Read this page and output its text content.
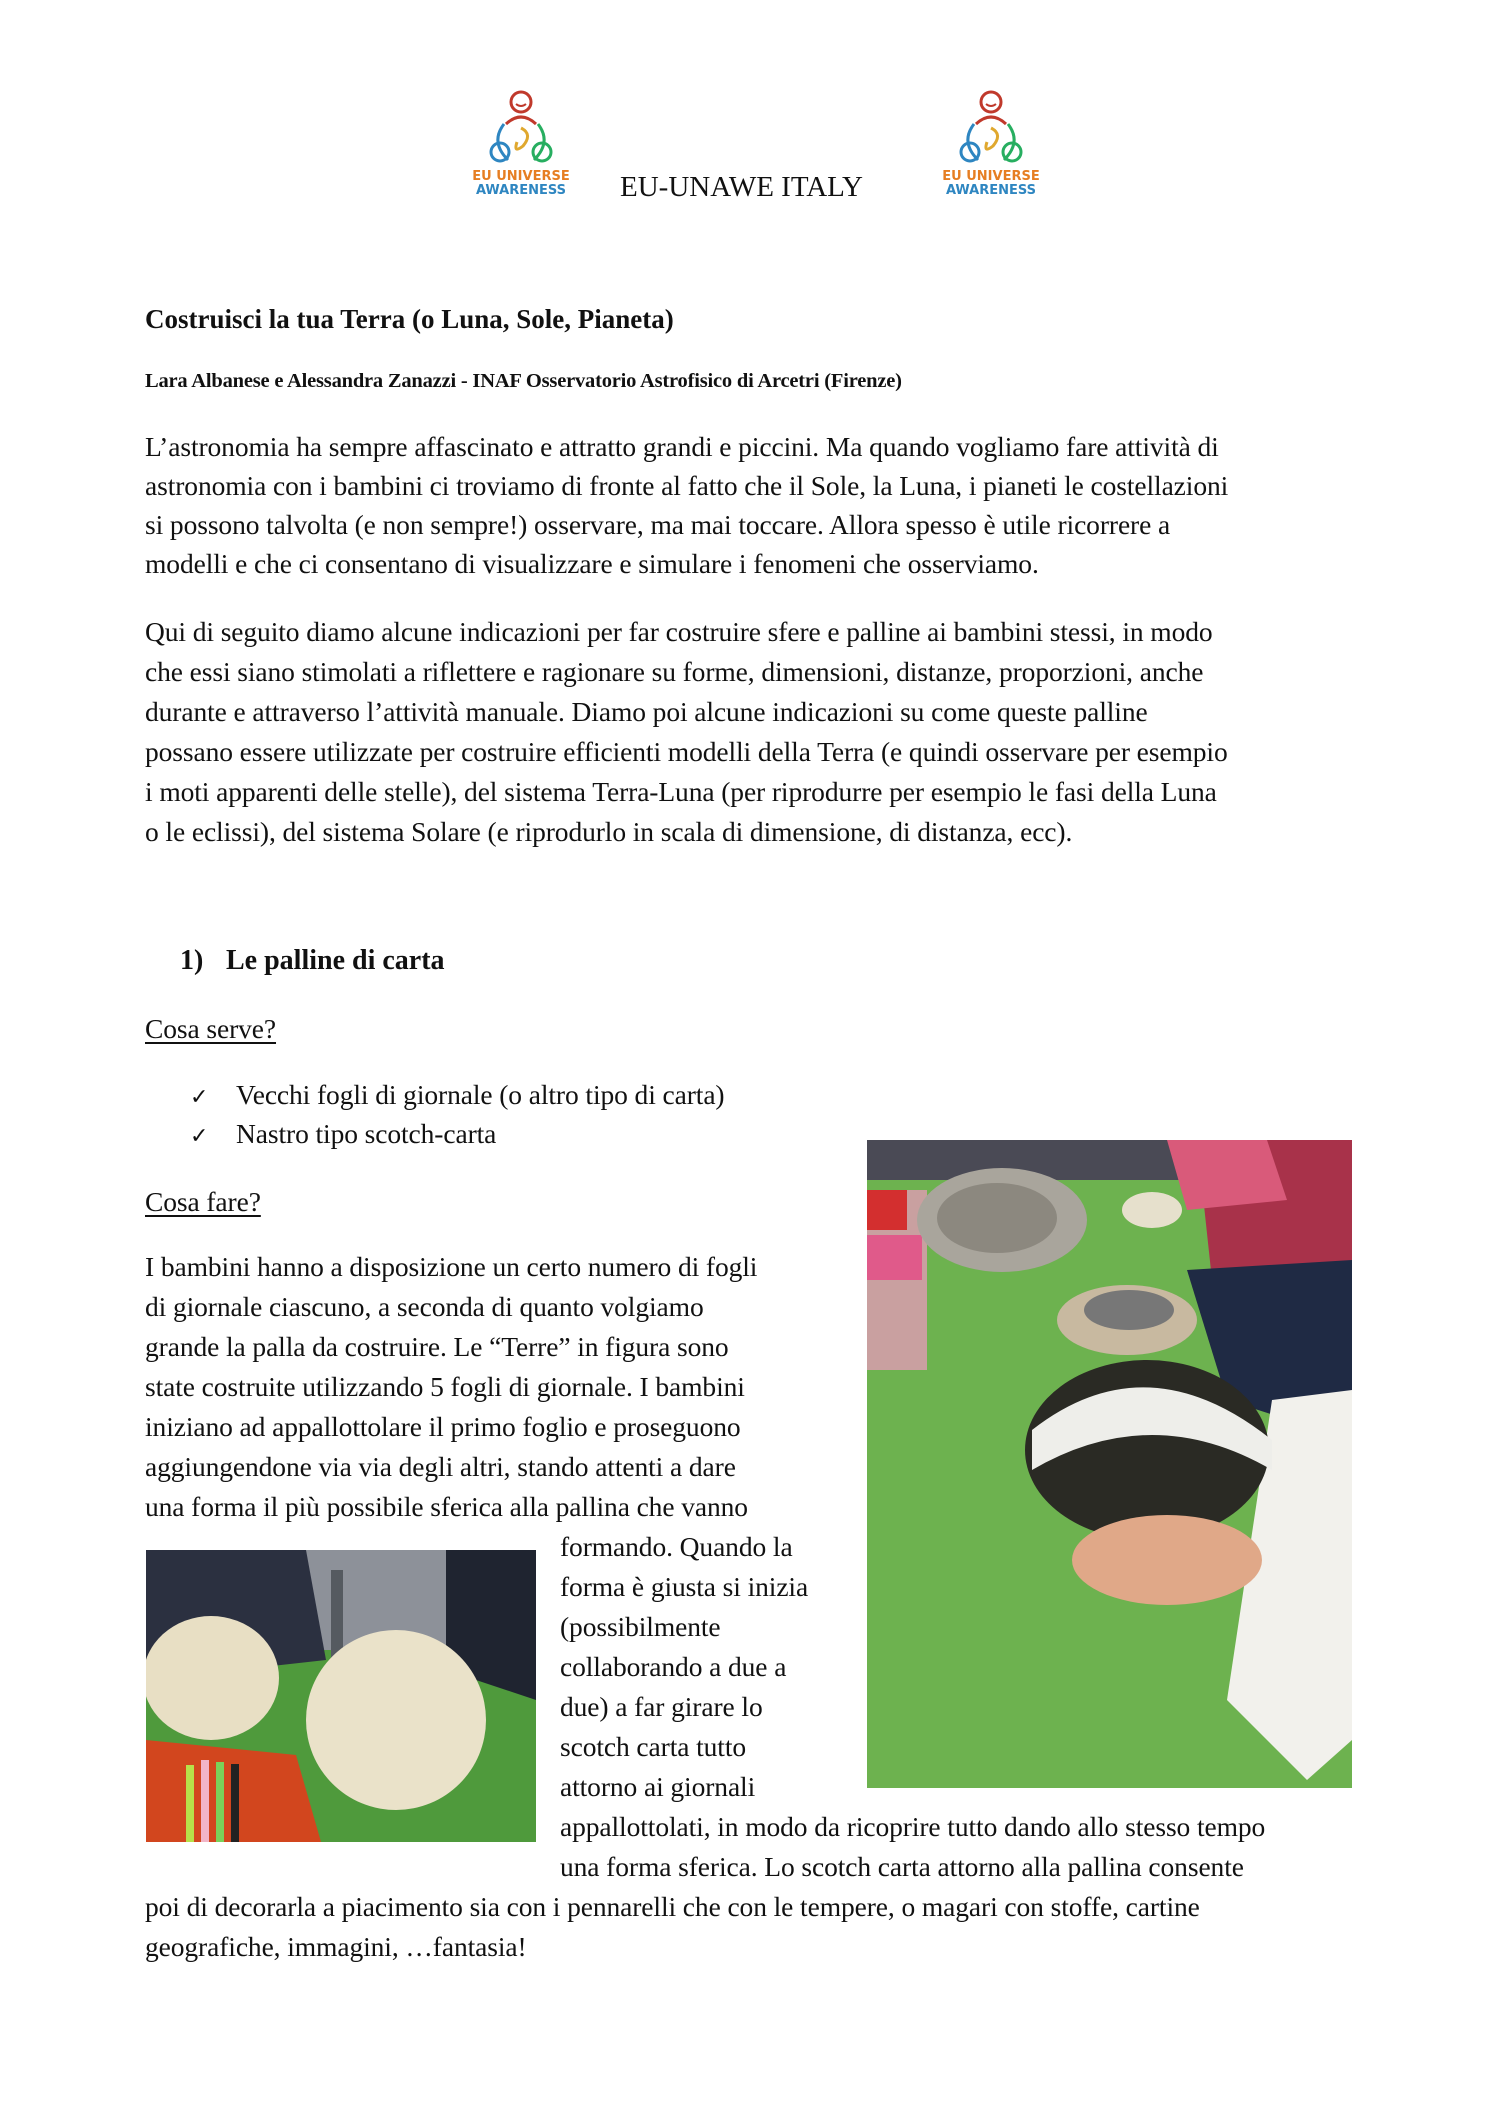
EU UNIVERSE
AWARENESS EU-UNAWE ITALY	EU UNIVERSE
AWARENESS
Costruisci la tua Terra (o Luna, Sole, Pianeta)
Lara Albanese e Alessandra Zanazzi - INAF Osservatorio Astrofisico di Arcetri (Firenze)
L’astronomia ha sempre affascinato e attratto grandi e piccini. Ma quando vogliamo fare attività di
astronomia con i bambini ci troviamo di fronte al fatto che il Sole, la Luna, i pianeti le costellazioni
si possono talvolta (e non sempre!) osservare, ma mai toccare. Allora spesso è utile ricorrere a
modelli e che ci consentano di visualizzare e simulare i fenomeni che osserviamo.
Qui di seguito diamo alcune indicazioni per far costruire sfere e palline ai bambini stessi, in modo
che essi siano stimolati a riflettere e ragionare su forme, dimensioni, distanze, proporzioni, anche
durante e attraverso l’attività manuale. Diamo poi alcune indicazioni su come queste palline
possano essere utilizzate per costruire efficienti modelli della Terra (e quindi osservare per esempio
i moti apparenti delle stelle), del sistema Terra-Luna (per riprodurre per esempio le fasi della Luna
o le eclissi), del sistema Solare (e riprodurlo in scala di dimensione, di distanza, ecc).
1) Le palline di carta
Cosa serve?
✓ Vecchi fogli di giornale (o altro tipo di carta)
✓ Nastro tipo scotch-carta
Cosa fare?
I bambini hanno a disposizione un certo numero di fogli
di giornale ciascuno, a seconda di quanto volgiamo
grande la palla da costruire. Le “Terre” in figura sono
state costruite utilizzando 5 fogli di giornale. I bambini
iniziano ad appallottolare il primo foglio e proseguono
aggiungendone via via degli altri, stando attenti a dare
una forma il più possibile sferica alla pallina che vanno
formando. Quando la
forma è giusta si inizia
(possibilmente
collaborando a due a
due) a far girare lo
scotch carta tutto
attorno ai giornali
appallottolati, in modo da ricoprire tutto dando allo stesso tempo
una forma sferica. Lo scotch carta attorno alla pallina consente
poi di decorarla a piacimento sia con i pennarelli che con le tempere, o magari con stoffe, cartine
geografiche, immagini, …fantasia!
